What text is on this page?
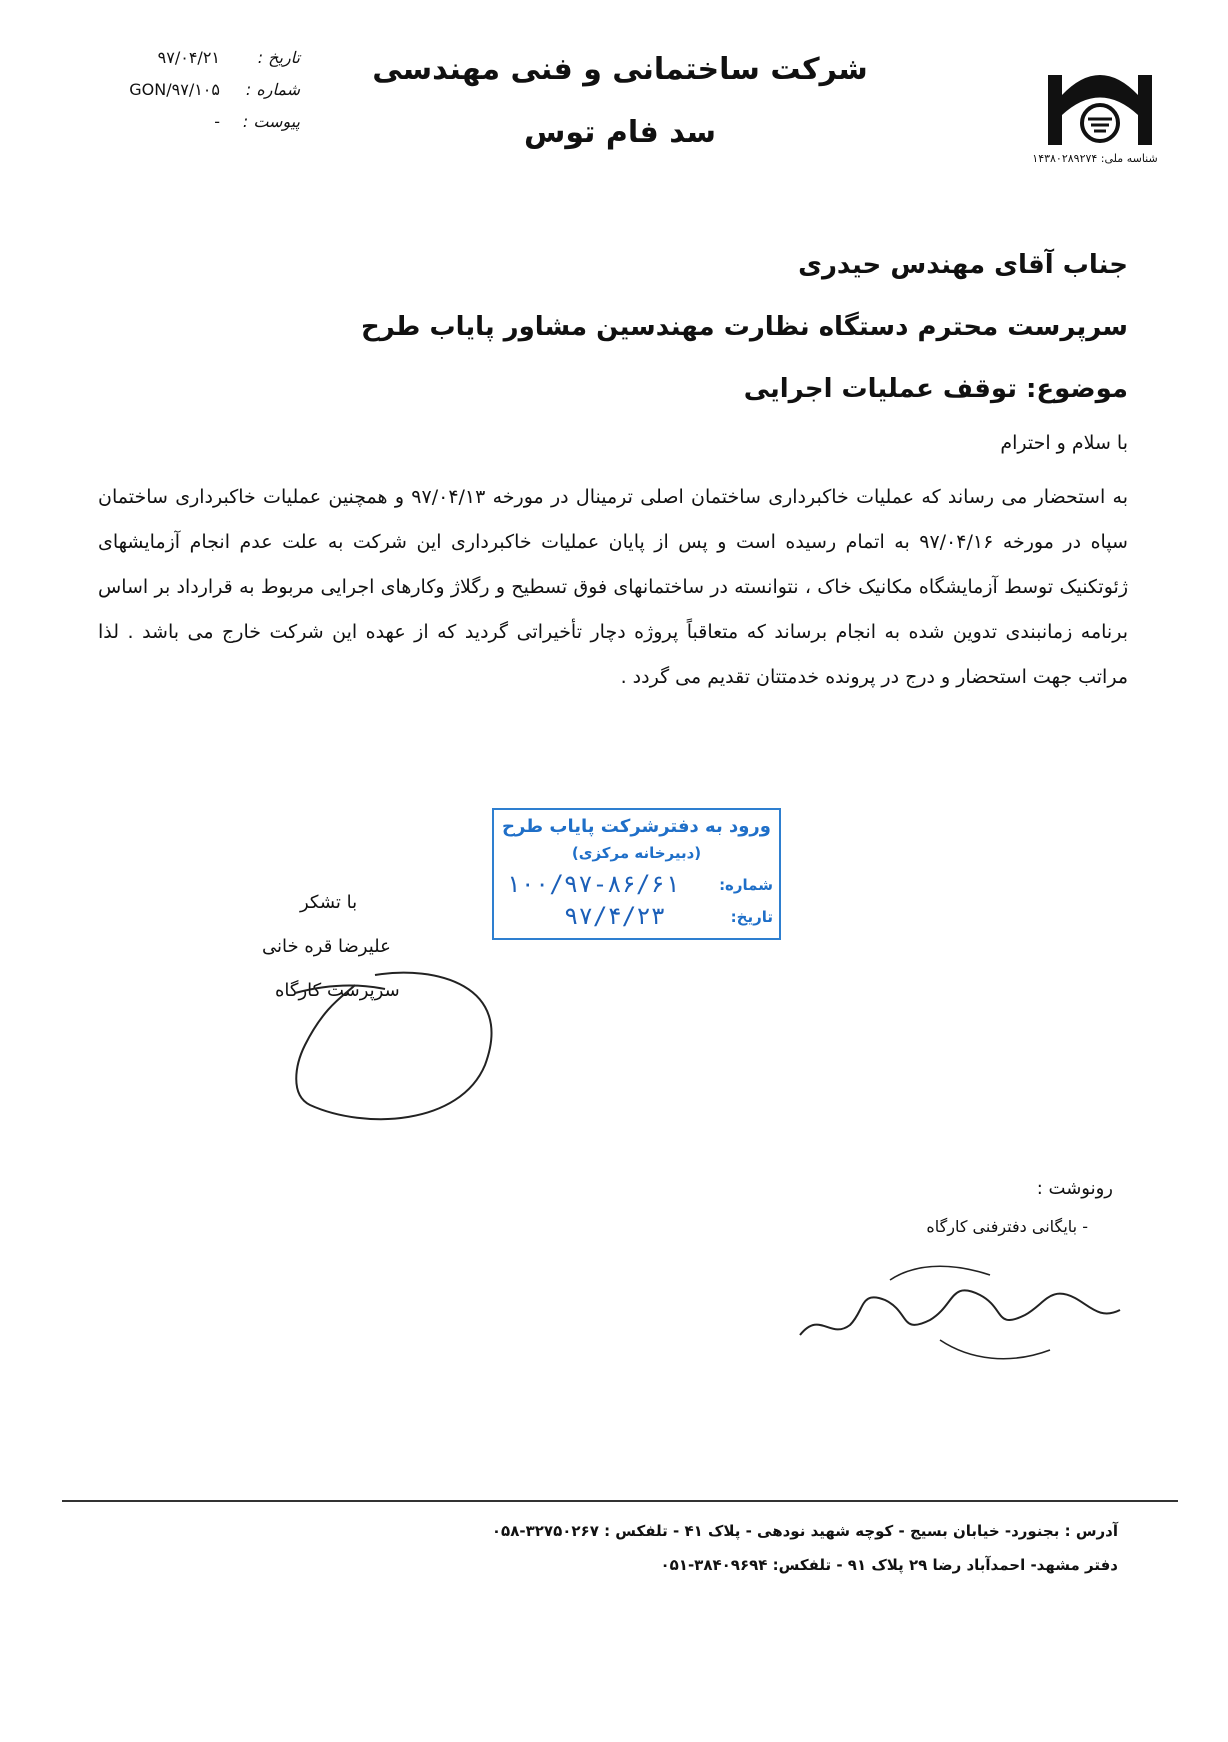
شرکت ساختمانی و فنی مهندسی
سد فام توس
تاریخ :
۹۷/۰۴/۲۱
شماره :
GON/۹۷/۱۰۵
پیوست :
-
شناسه ملی: ۱۴۳۸۰۲۸۹۲۷۴
جناب آقای مهندس حیدری
سرپرست محترم دستگاه نظارت مهندسین مشاور پایاب طرح
موضوع: توقف عملیات اجرایی
با سلام و احترام
به استحضار می رساند که عملیات خاکبرداری ساختمان اصلی ترمینال در مورخه ۹۷/۰۴/۱۳ و همچنین عملیات خاکبرداری ساختمان سپاه در مورخه ۹۷/۰۴/۱۶ به اتمام رسیده است و پس از پایان عملیات خاکبرداری این شرکت به علت عدم انجام آزمایشهای ژئوتکنیک توسط آزمایشگاه مکانیک خاک ، نتوانسته در ساختمانهای فوق تسطیح و رگلاژ وکارهای اجرایی مربوط به قرارداد بر اساس برنامه زمانبندی تدوین شده به انجام برساند که متعاقباً پروژه دچار تأخیراتی گردید که از عهده این شرکت خارج می باشد . لذا مراتب جهت استحضار و درج در پرونده خدمتتان تقدیم می گردد .
ورود به دفترشرکت پایاب طرح
(دبیرخانه مرکزی)
شماره:
۱۰۰/۹۷-۸۶/۶۱
تاریخ:
۹۷/۴/۲۳
با تشکر
علیرضا قره خانی
سرپرست کارگاه
رونوشت :
- بایگانی دفترفنی کارگاه
آدرس : بجنورد- خیابان بسیج - کوچه شهید نودهی - پلاک ۴۱ - تلفکس : ۳۲۷۵۰۲۶۷-۰۵۸
دفتر مشهد- احمدآباد رضا ۲۹ پلاک ۹۱ - تلفکس: ۳۸۴۰۹۶۹۴-۰۵۱
